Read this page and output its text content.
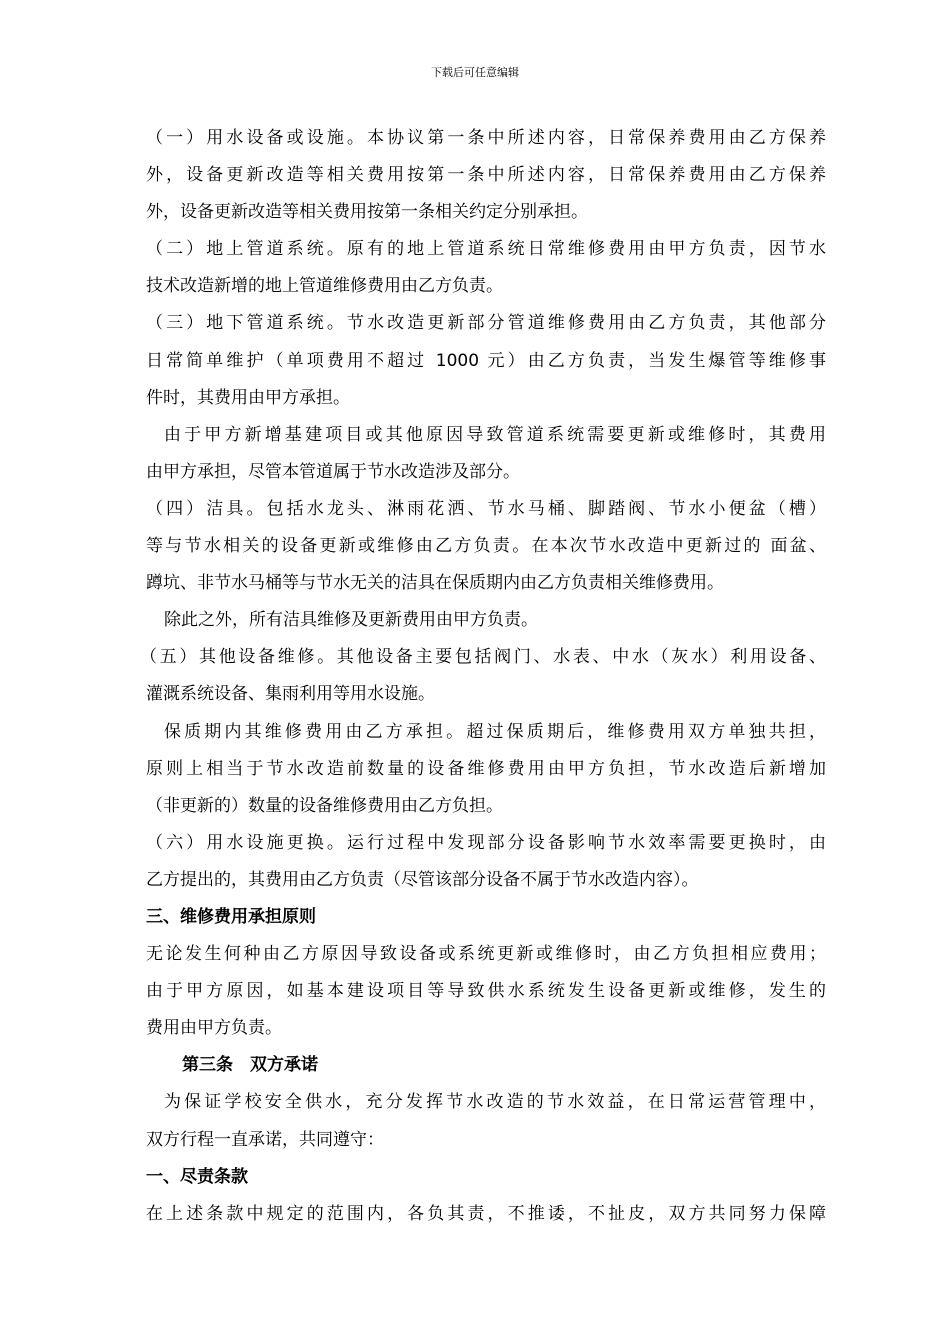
下载后可任意编辑
（一）用水设备或设施。本协议第一条中所述内容，日常保养费用由乙方保养
外，设备更新改造等相关费用按第一条中所述内容，日常保养费用由乙方保养
外，设备更新改造等相关费用按第一条相关约定分别承担。
（二）地上管道系统。原有的地上管道系统日常维修费用由甲方负责，因节水
技术改造新增的地上管道维修费用由乙方负责。
（三）地下管道系统。节水改造更新部分管道维修费用由乙方负责，其他部分
日常简单维护（单项费用不超过 1000 元）由乙方负责，当发生爆管等维修事
件时，其费用由甲方承担。
由于甲方新增基建项目或其他原因导致管道系统需要更新或维修时，其费用
由甲方承担，尽管本管道属于节水改造涉及部分。
（四）洁具。包括水龙头、淋雨花洒、节水马桶、脚踏阀、节水小便盆（槽）
等与节水相关的设备更新或维修由乙方负责。在本次节水改造中更新过的 面盆、
蹲坑、非节水马桶等与节水无关的洁具在保质期内由乙方负责相关维修费用。
除此之外，所有洁具维修及更新费用由甲方负责。
（五）其他设备维修。其他设备主要包括阀门、水表、中水（灰水）利用设备、
灌溉系统设备、集雨利用等用水设施。
保质期内其维修费用由乙方承担。超过保质期后，维修费用双方单独共担，
原则上相当于节水改造前数量的设备维修费用由甲方负担，节水改造后新增加
（非更新的）数量的设备维修费用由乙方负担。
（六）用水设施更换。运行过程中发现部分设备影响节水效率需要更换时，由
乙方提出的，其费用由乙方负责（尽管该部分设备不属于节水改造内容）。
三、维修费用承担原则
无论发生何种由乙方原因导致设备或系统更新或维修时，由乙方负担相应费用；
由于甲方原因，如基本建设项目等导致供水系统发生设备更新或维修，发生的
费用由甲方负责。
第三条　双方承诺
为保证学校安全供水，充分发挥节水改造的节水效益，在日常运营管理中，
双方行程一直承诺，共同遵守：
一、尽责条款
在上述条款中规定的范围内，各负其责，不推诿，不扯皮，双方共同努力保障
